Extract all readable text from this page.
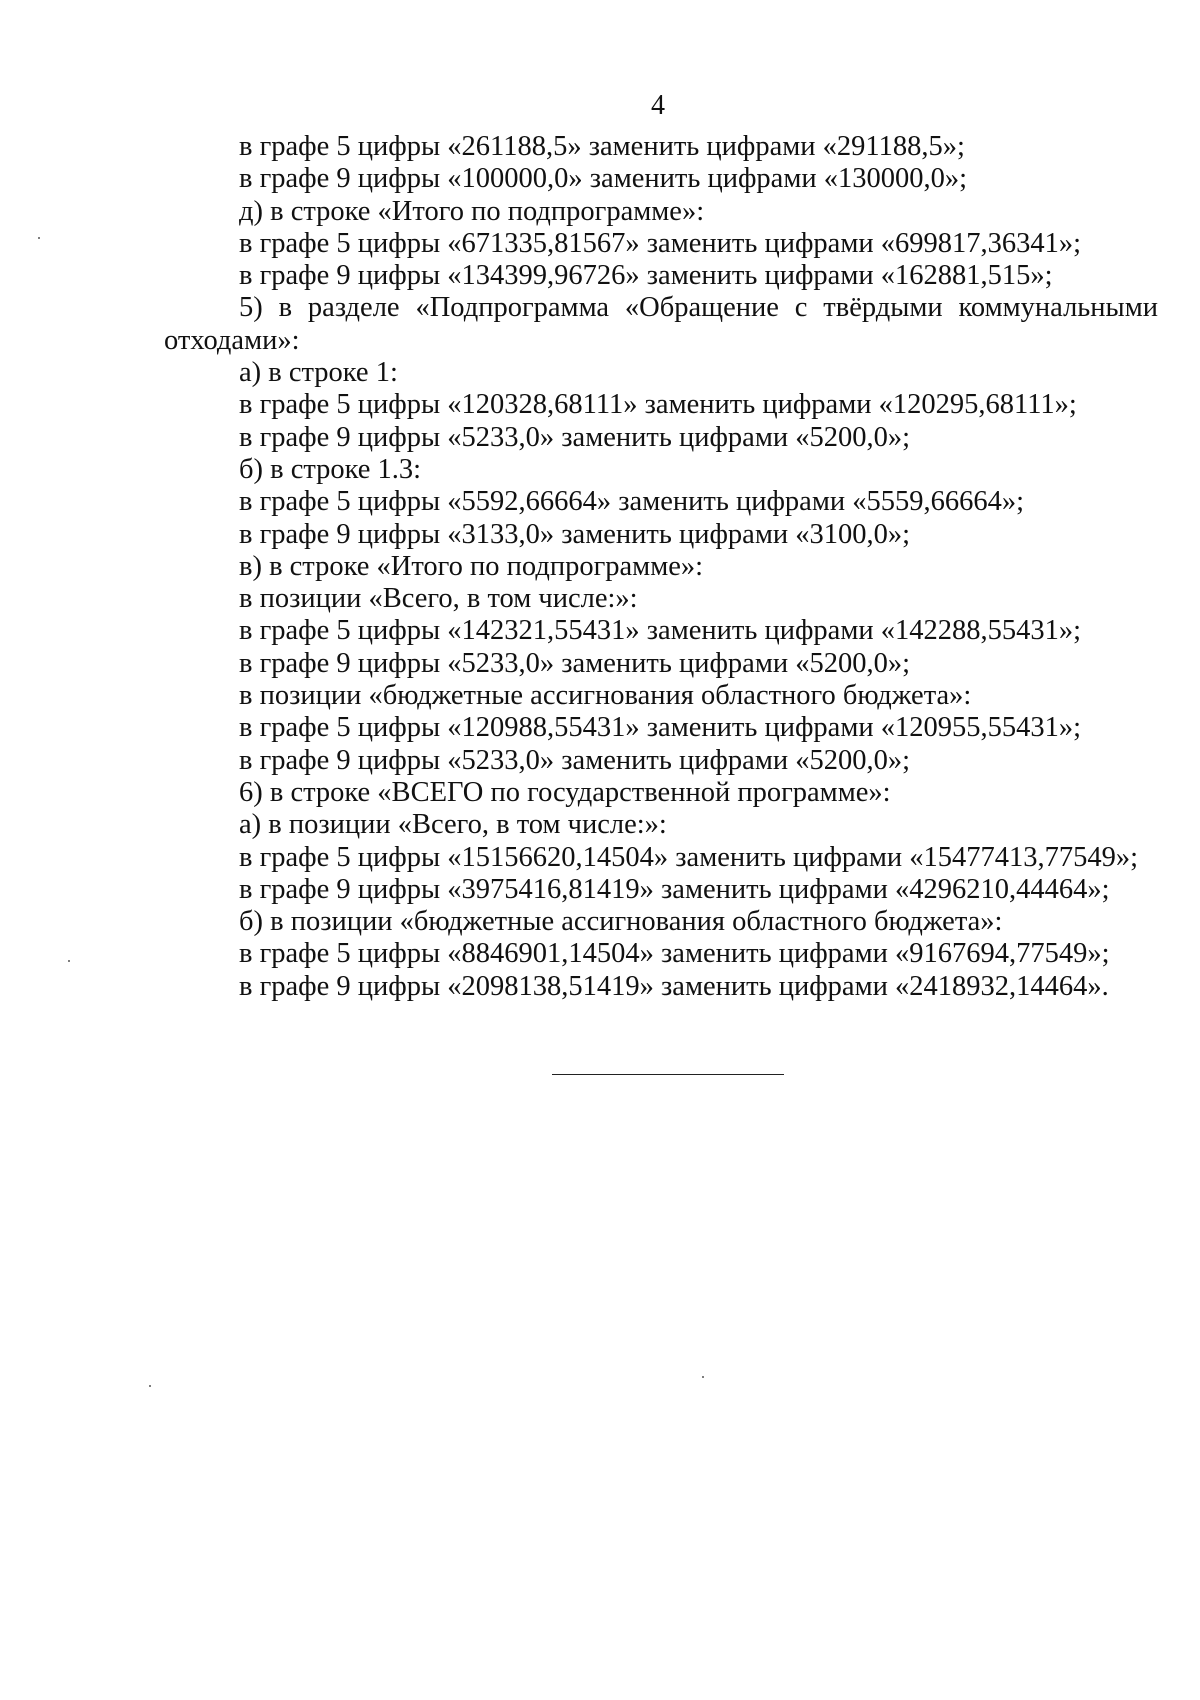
4
в графе 5 цифры «261188,5» заменить цифрами «291188,5»;
в графе 9 цифры «100000,0» заменить цифрами «130000,0»;
д) в строке «Итого по подпрограмме»:
в графе 5 цифры «671335,81567» заменить цифрами «699817,36341»;
в графе 9 цифры «134399,96726» заменить цифрами «162881,515»;
5) в разделе «Подпрограмма «Обращение с твёрдыми коммунальными
отходами»:
а) в строке 1:
в графе 5 цифры «120328,68111» заменить цифрами «120295,68111»;
в графе 9 цифры «5233,0» заменить цифрами «5200,0»;
б) в строке 1.3:
в графе 5 цифры «5592,66664» заменить цифрами «5559,66664»;
в графе 9 цифры «3133,0» заменить цифрами «3100,0»;
в) в строке «Итого по подпрограмме»:
в позиции «Всего, в том числе:»:
в графе 5 цифры «142321,55431» заменить цифрами «142288,55431»;
в графе 9 цифры «5233,0» заменить цифрами «5200,0»;
в позиции «бюджетные ассигнования областного бюджета»:
в графе 5 цифры «120988,55431» заменить цифрами «120955,55431»;
в графе 9 цифры «5233,0» заменить цифрами «5200,0»;
6) в строке «ВСЕГО по государственной программе»:
а) в позиции «Всего, в том числе:»:
в графе 5 цифры «15156620,14504» заменить цифрами «15477413,77549»;
в графе 9 цифры «3975416,81419» заменить цифрами «4296210,44464»;
б) в позиции «бюджетные ассигнования областного бюджета»:
в графе 5 цифры «8846901,14504» заменить цифрами «9167694,77549»;
в графе 9 цифры «2098138,51419» заменить цифрами «2418932,14464».
